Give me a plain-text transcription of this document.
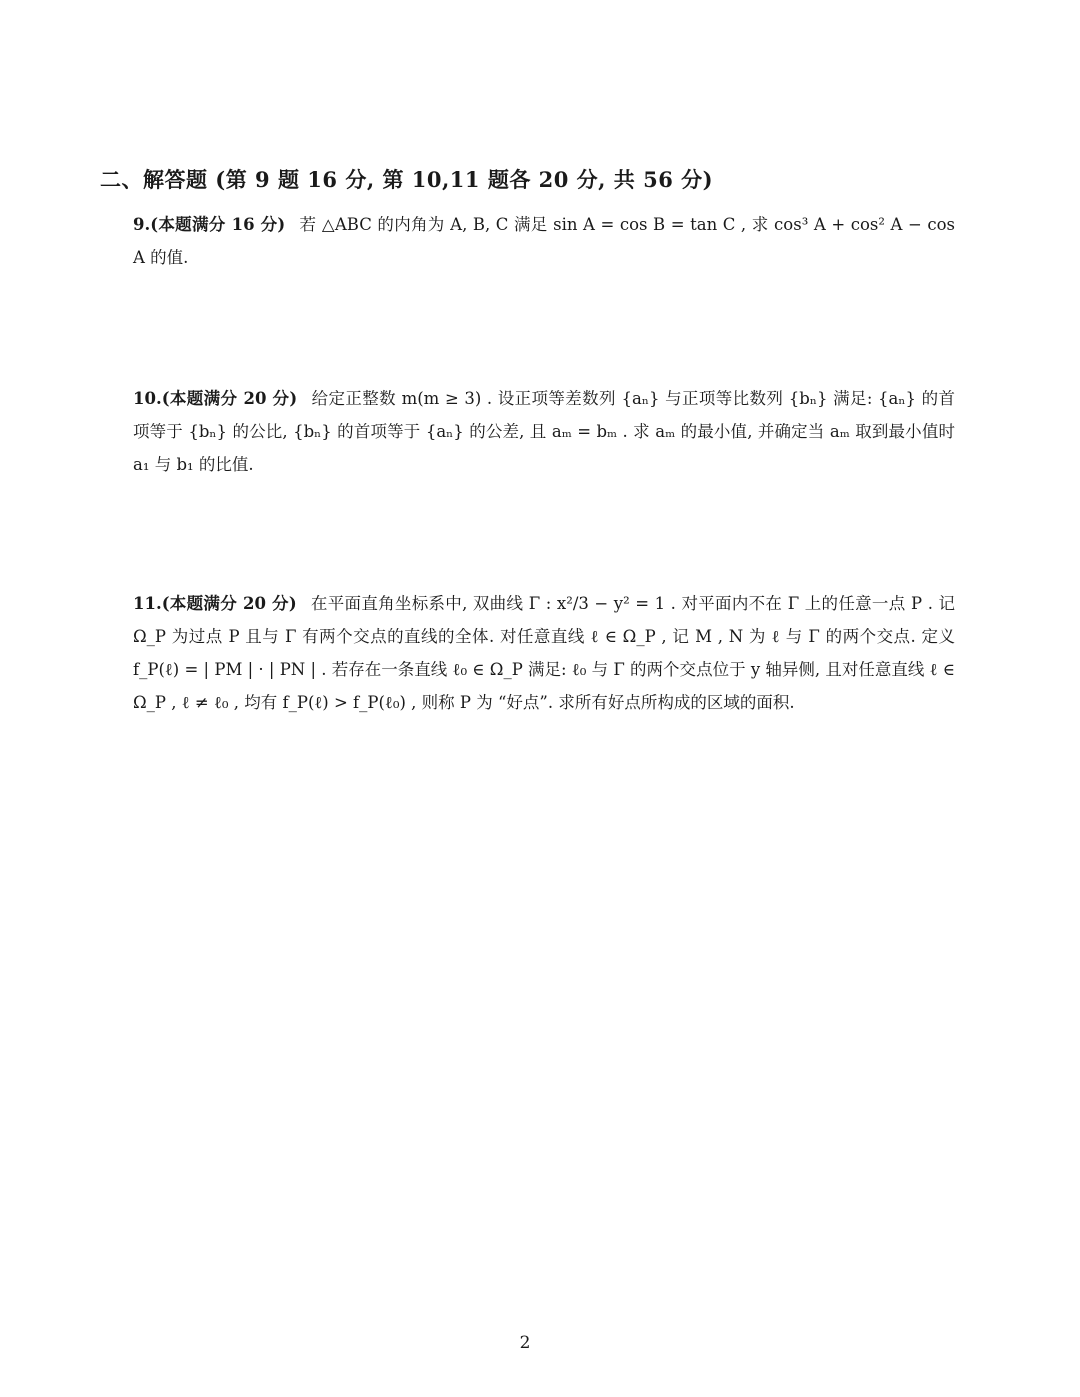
二、解答题 (第 9 题 16 分, 第 10,11 题各 20 分, 共 56 分)
9.(本题满分 16 分) 若 △ABC 的内角为 A, B, C 满足 sin A = cos B = tan C , 求 cos³ A + cos² A − cos A 的值.
10.(本题满分 20 分) 给定正整数 m(m ≥ 3) . 设正项等差数列 {aₙ} 与正项等比数列 {bₙ} 满足: {aₙ} 的首项等于 {bₙ} 的公比, {bₙ} 的首项等于 {aₙ} 的公差, 且 aₘ = bₘ . 求 aₘ 的最小值, 并确定当 aₘ 取到最小值时 a₁ 与 b₁ 的比值.
11.(本题满分 20 分) 在平面直角坐标系中, 双曲线 Γ : x²/3 − y² = 1 . 对平面内不在 Γ 上的任意一点 P . 记 Ω_P 为过点 P 且与 Γ 有两个交点的直线的全体. 对任意直线 ℓ ∈ Ω_P , 记 M , N 为 ℓ 与 Γ 的两个交点. 定义 f_P(ℓ) = | PM | · | PN | . 若存在一条直线 ℓ₀ ∈ Ω_P 满足: ℓ₀ 与 Γ 的两个交点位于 y 轴异侧, 且对任意直线 ℓ ∈ Ω_P , ℓ ≠ ℓ₀ , 均有 f_P(ℓ) > f_P(ℓ₀) , 则称 P 为 “好点”. 求所有好点所构成的区域的面积.
2
